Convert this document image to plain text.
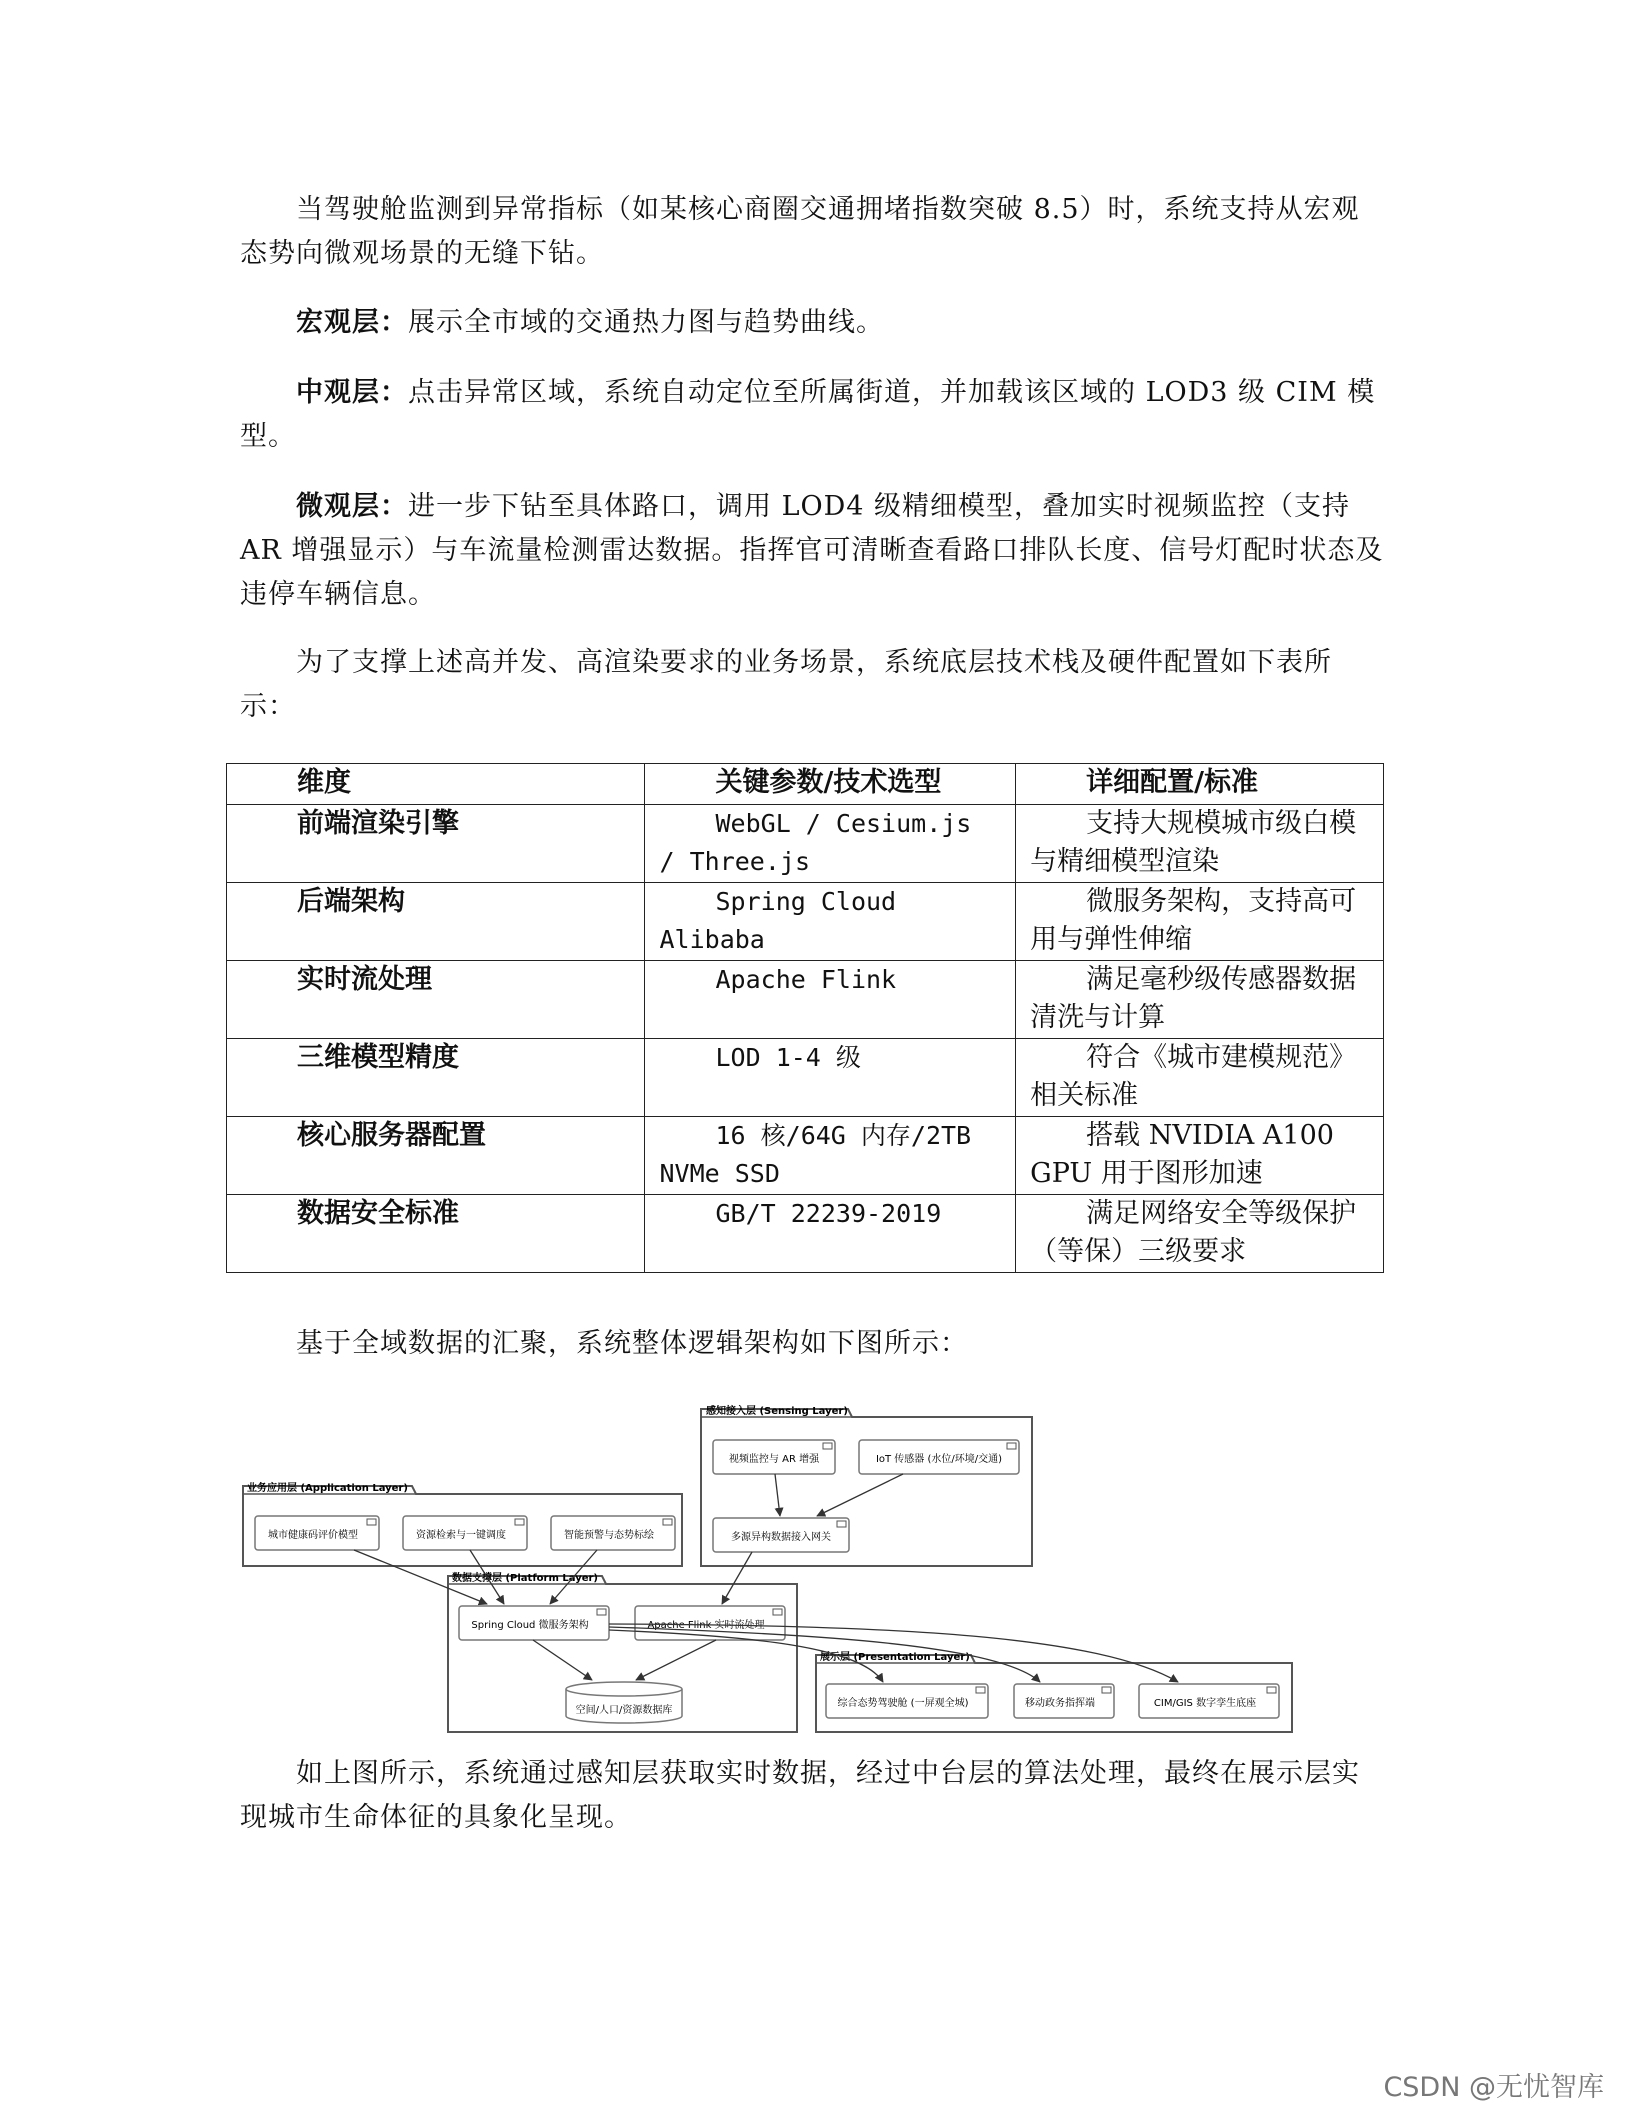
当驾驶舱监测到异常指标（如某核心商圈交通拥堵指数突破 8.5）时，系统支持从宏观态势向微观场景的无缝下钻。

宏观层：展示全市域的交通热力图与趋势曲线。

中观层：点击异常区域，系统自动定位至所属街道，并加载该区域的 LOD3 级 CIM 模型。

微观层：进一步下钻至具体路口，调用 LOD4 级精细模型，叠加实时视频监控（支持 AR 增强显示）与车流量检测雷达数据。指挥官可清晰查看路口排队长度、信号灯配时状态及违停车辆信息。

为了支撑上述高并发、高渲染要求的业务场景，系统底层技术栈及硬件配置如下表所示：

维度	关键参数/技术选型	详细配置/标准
前端渲染引擎	WebGL / Cesium.js / Three.js	支持大规模城市级白模与精细模型渲染
后端架构	Spring Cloud Alibaba	微服务架构，支持高可用与弹性伸缩
实时流处理	Apache Flink	满足毫秒级传感器数据清洗与计算
三维模型精度	LOD 1-4 级	符合《城市建模规范》相关标准
核心服务器配置	16 核/64G 内存/2TB NVMe SSD	搭载 NVIDIA A100 GPU 用于图形加速
数据安全标准	GB/T 22239-2019	满足网络安全等级保护（等保）三级要求

基于全域数据的汇聚，系统整体逻辑架构如下图所示：

感知接入层 (Sensing Layer)
视频监控与 AR 增强	IoT 传感器 (水位/环境/交通)
多源异构数据接入网关
业务应用层 (Application Layer)
城市健康码评价模型	资源检索与一键调度	智能预警与态势标绘
数据支撑层 (Platform Layer)
Spring Cloud 微服务架构	Apache Flink 实时流处理
空间/人口/资源数据库
展示层 (Presentation Layer)
综合态势驾驶舱 (一屏观全城)	移动政务指挥端	CIM/GIS 数字孪生底座

如上图所示，系统通过感知层获取实时数据，经过中台层的算法处理，最终在展示层实现城市生命体征的具象化呈现。

CSDN @无忧智库
